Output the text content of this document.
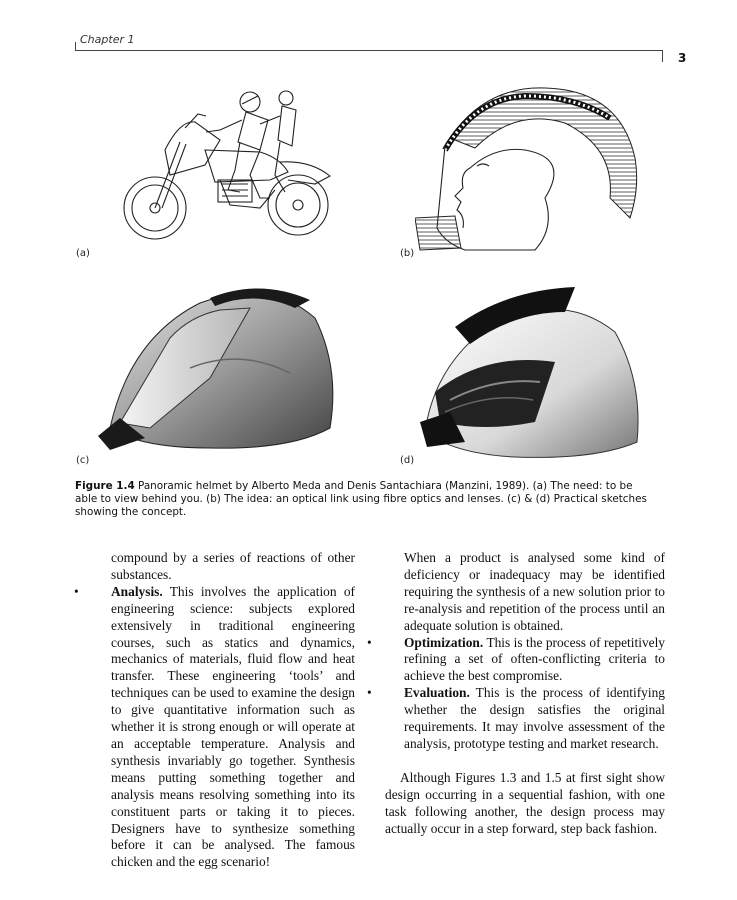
Chapter 1
3
(a)	(b)
(c)	(d)
Figure 1.4 Panoramic helmet by Alberto Meda and Denis Santachiara (Manzini, 1989). (a) The need: to be able to view behind you. (b) The idea: an optical link using fibre optics and lenses. (c) & (d) Practical sketches showing the concept.

compound by a series of reactions of other substances.

• Analysis. This involves the application of engineering science: subjects explored extensively in traditional engineering courses, such as statics and dynamics, mechanics of materials, fluid flow and heat transfer. These engineering ‘tools’ and techniques can be used to examine the design to give quantitative information such as whether it is strong enough or will operate at an acceptable temperature. Analysis and synthesis invariably go together. Synthesis means putting something together and analysis means resolving something into its constituent parts or taking it to pieces. Designers have to synthesize something before it can be analysed. The famous chicken and the egg scenario!

When a product is analysed some kind of deficiency or inadequacy may be identified requiring the synthesis of a new solution prior to re-analysis and repetition of the process until an adequate solution is obtained.

• Optimization. This is the process of repetitively refining a set of often-conflicting criteria to achieve the best compromise.

• Evaluation. This is the process of identifying whether the design satisfies the original requirements. It may involve assessment of the analysis, prototype testing and market research.

Although Figures 1.3 and 1.5 at first sight show design occurring in a sequential fashion, with one task following another, the design process may actually occur in a step forward, step back fashion.
